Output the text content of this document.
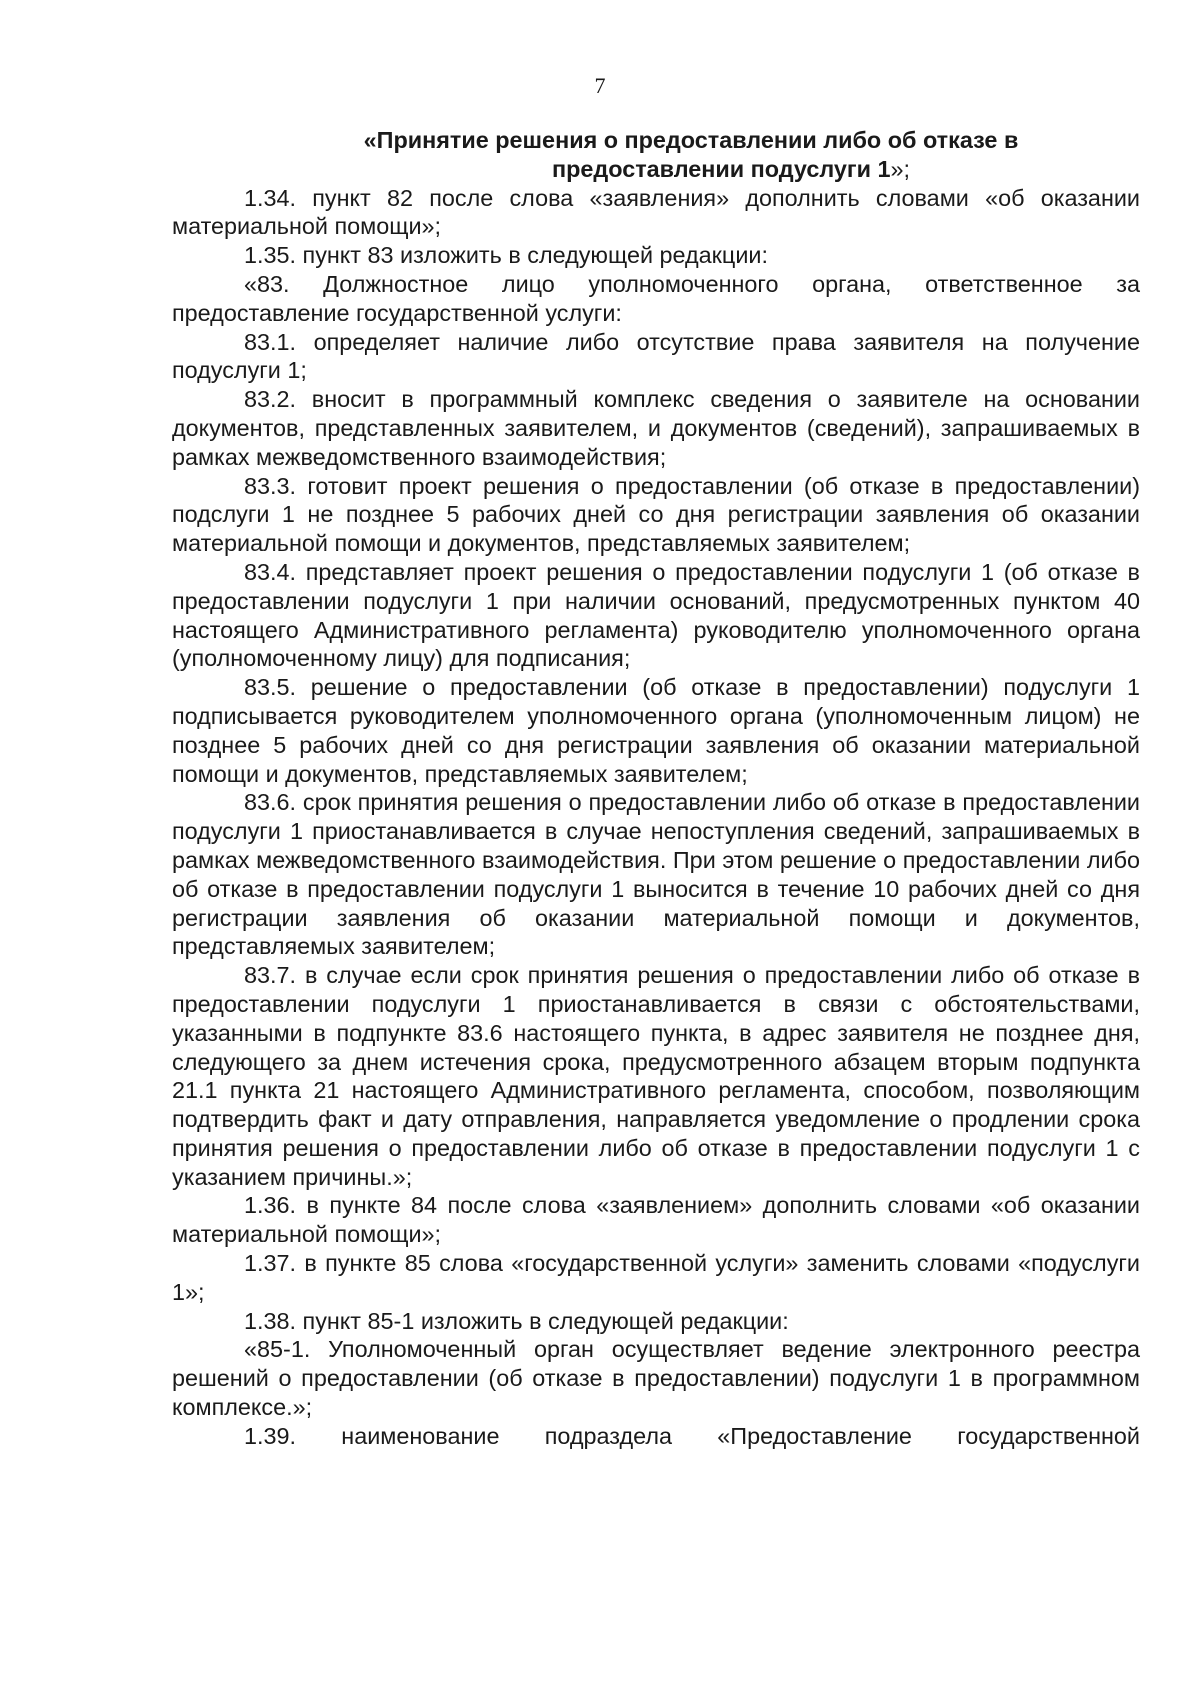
7

«Принятие решения о предоставлении либо об отказе в
предоставлении подуслуги 1»;

1.34. пункт 82 после слова «заявления» дополнить словами «об оказании материальной помощи»;

1.35. пункт 83 изложить в следующей редакции:

«83. Должностное лицо уполномоченного органа, ответственное за предоставление государственной услуги:

83.1. определяет наличие либо отсутствие права заявителя на получение подуслуги 1;

83.2. вносит в программный комплекс сведения о заявителе на основании документов, представленных заявителем, и документов (сведений), запрашиваемых в рамках межведомственного взаимодействия;

83.3. готовит проект решения о предоставлении (об отказе в предоставлении) подслуги 1 не позднее 5 рабочих дней со дня регистрации заявления об оказании материальной помощи и документов, представляемых заявителем;

83.4. представляет проект решения о предоставлении подуслуги 1 (об отказе в предоставлении подуслуги 1 при наличии оснований, предусмотренных пунктом 40 настоящего Административного регламента) руководителю уполномоченного органа (уполномоченному лицу) для подписания;

83.5. решение о предоставлении (об отказе в предоставлении) подуслуги 1 подписывается руководителем уполномоченного органа (уполномоченным лицом) не позднее 5 рабочих дней со дня регистрации заявления об оказании материальной помощи и документов, представляемых заявителем;

83.6. срок принятия решения о предоставлении либо об отказе в предоставлении подуслуги 1 приостанавливается в случае непоступления сведений, запрашиваемых в рамках межведомственного взаимодействия. При этом решение о предоставлении либо об отказе в предоставлении подуслуги 1 выносится в течение 10 рабочих дней со дня регистрации заявления об оказании материальной помощи и документов, представляемых заявителем;

83.7. в случае если срок принятия решения о предоставлении либо об отказе в предоставлении подуслуги 1 приостанавливается в связи с обстоятельствами, указанными в подпункте 83.6 настоящего пункта, в адрес заявителя не позднее дня, следующего за днем истечения срока, предусмотренного абзацем вторым подпункта 21.1 пункта 21 настоящего Административного регламента, способом, позволяющим подтвердить факт и дату отправления, направляется уведомление о продлении срока принятия решения о предоставлении либо об отказе в предоставлении подуслуги 1 с указанием причины.»;

1.36. в пункте 84 после слова «заявлением» дополнить словами «об оказании материальной помощи»;

1.37. в пункте 85 слова «государственной услуги» заменить словами «подуслуги 1»;

1.38. пункт 85-1 изложить в следующей редакции:

«85-1. Уполномоченный орган осуществляет ведение электронного реестра решений о предоставлении (об отказе в предоставлении) подуслуги 1 в программном комплексе.»;

1.39. наименование подраздела «Предоставление государственной
